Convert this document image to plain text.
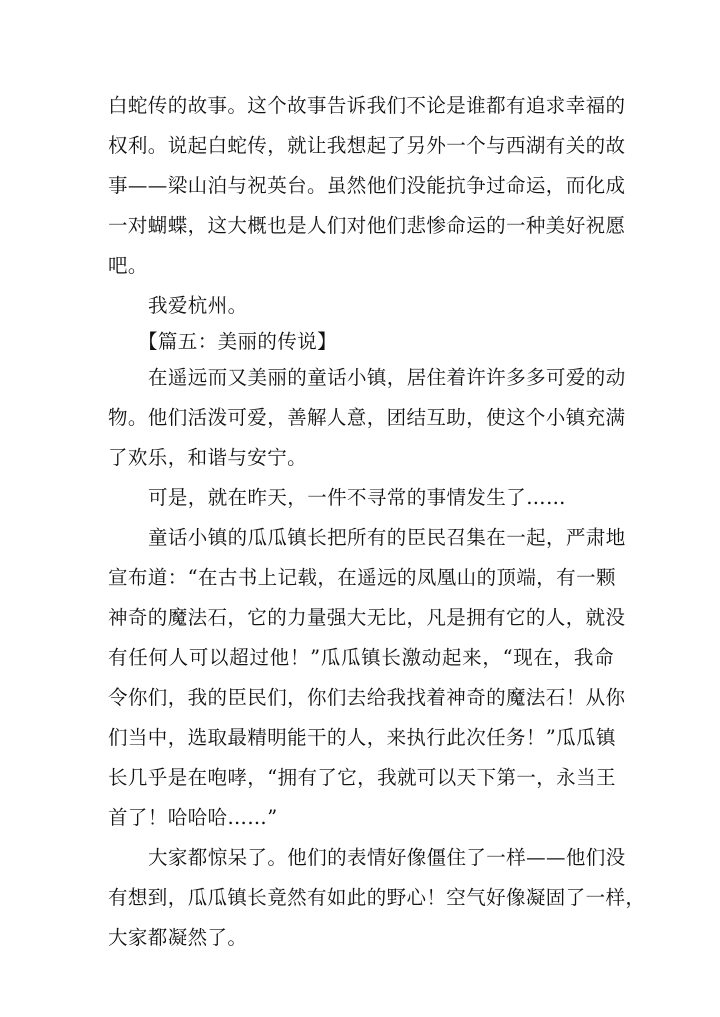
白蛇传的故事。这个故事告诉我们不论是谁都有追求幸福的
权利。说起白蛇传，就让我想起了另外一个与西湖有关的故
事——梁山泊与祝英台。虽然他们没能抗争过命运，而化成
一对蝴蝶，这大概也是人们对他们悲惨命运的一种美好祝愿
吧。
我爱杭州。
【篇五：美丽的传说】
在遥远而又美丽的童话小镇，居住着许许多多可爱的动
物。他们活泼可爱，善解人意，团结互助，使这个小镇充满
了欢乐，和谐与安宁。
可是，就在昨天，一件不寻常的事情发生了……
童话小镇的瓜瓜镇长把所有的臣民召集在一起，严肃地
宣布道：“在古书上记载，在遥远的凤凰山的顶端，有一颗
神奇的魔法石，它的力量强大无比，凡是拥有它的人，就没
有任何人可以超过他！”瓜瓜镇长激动起来，“现在，我命
令你们，我的臣民们，你们去给我找着神奇的魔法石！从你
们当中，选取最精明能干的人，来执行此次任务！”瓜瓜镇
长几乎是在咆哮，“拥有了它，我就可以天下第一，永当王
首了！哈哈哈……”
大家都惊呆了。他们的表情好像僵住了一样——他们没
有想到，瓜瓜镇长竟然有如此的野心！空气好像凝固了一样，
大家都凝然了。
